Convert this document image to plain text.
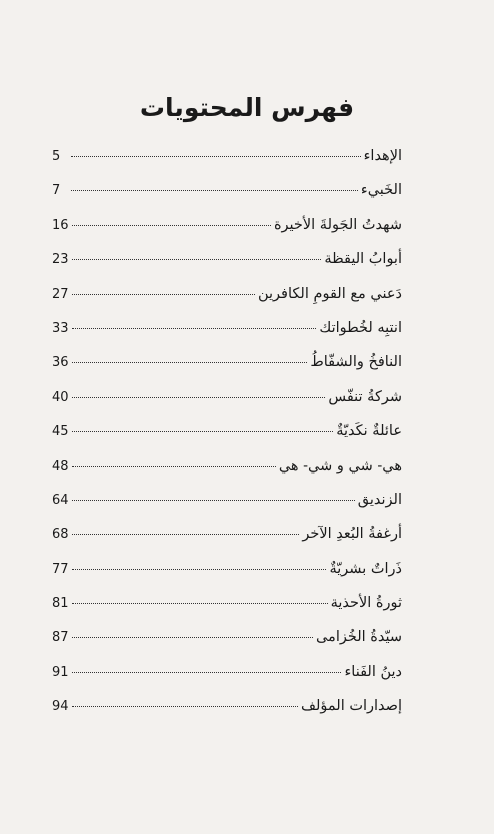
فهرس المحتويات
الإهداء
5
الخَبيء
7
شهدتُ الجَولةَ الأخيرة
16
أبوابُ اليقظة
23
دَعني مع القومِ الكافرين
27
انتبِه لخُطواتك
33
النافخُ والشفّاطُ
36
شركةُ تنفّس
40
عائلةٌ نكَديّةٌ
45
هي- شي و شي- هي
48
الزنديق
64
أرغفةُ البُعدِ الآخر
68
ذَراتٌ بشريّةٌ
77
ثورةُ الأحذية
81
سيّدةُ الخُزامى
87
دينُ الفَناء
91
إصدارات المؤلف
94
